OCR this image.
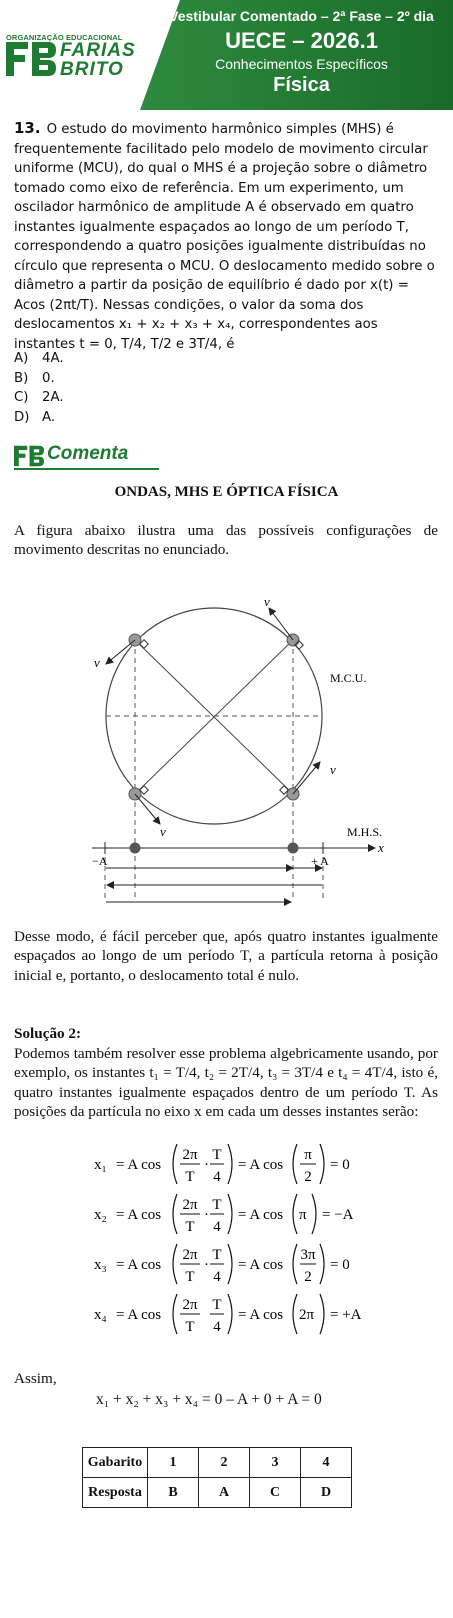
ORGANIZAÇÃO EDUCACIONAL
FARIAS
BRITO
Vestibular Comentado – 2ª Fase – 2º dia
UECE – 2026.1
Conhecimentos Específicos
Física
13. O estudo do movimento harmônico simples (MHS) é frequentemente facilitado pelo modelo de movimento circular uniforme (MCU), do qual o MHS é a projeção sobre o diâmetro tomado como eixo de referência. Em um experimento, um oscilador harmônico de amplitude A é observado em quatro instantes igualmente espaçados ao longo de um período T, correspondendo a quatro posições igualmente distribuídas no círculo que representa o MCU. O deslocamento medido sobre o diâmetro a partir da posição de equilíbrio é dado por x(t) = Acos (2πt/T). Nessas condições, o valor da soma dos deslocamentos x₁ + x₂ + x₃ + x₄, correspondentes aos instantes t = 0, T/4, T/2 e 3T/4, é
A) 4A.
B) 0.
C) 2A.
D) A.
Comenta
ONDAS, MHS E ÓPTICA FÍSICA
A figura abaixo ilustra uma das possíveis configurações de movimento descritas no enunciado.
v
v
v
v
M.C.U.
M.H.S.
x
−A	+ A
Desse modo, é fácil perceber que, após quatro instantes igualmente espaçados ao longo de um período T, a partícula retorna à posição inicial e, portanto, o deslocamento total é nulo.
Solução 2:
Podemos também resolver esse problema algebricamente usando, por exemplo, os instantes t₁ = T/4, t₂ = 2T/4, t₃ = 3T/4 e t₄ = 4T/4, isto é, quatro instantes igualmente espaçados dentro de um período T. As posições da partícula no eixo x em cada um desses instantes serão:
x₁ = A cos
2π
T
·
T
4
= A cos
π
2
= 0
x₂ = A cos
2π
T
·
T
4
= A cos π = −A
x₃ = A cos
2π
T
·
T
4
= A cos
3π
2
= 0
x₄ = A cos
2π
T
T
4
= A cos 2π = +A
Assim,
x₁ + x₂ + x₃ + x₄ = 0 – A + 0 + A = 0
Gabarito	1	2	3	4
Resposta	B	A	C	D
